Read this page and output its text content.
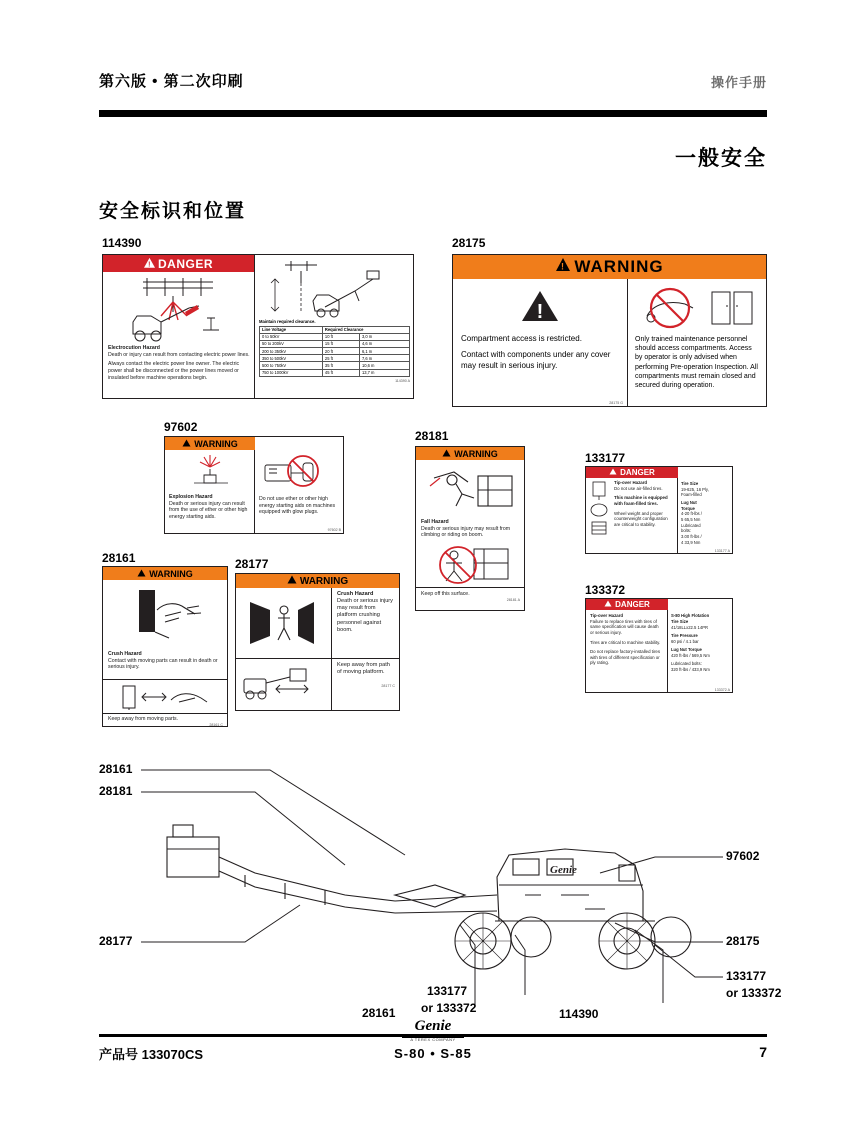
第六版 • 第二次印刷	操作手册
一般安全
安全标识和位置
114390
! DANGER
Electrocution Hazard
Death or injury can result from contacting electric power lines.
Always contact the electric power line owner. The electric power shall be disconnected or the power lines moved or insulated before machine operations begin.
Maintain required clearance.
Line Voltage	Required Clearance	
0 to 50kV	10 ft	3,0 m
50 to 200kV	15 ft	4,6 m
200 to 350kV	20 ft	6,1 m
350 to 500kV	25 ft	7,6 m
500 to 750kV	35 ft	10,6 m
750 to 1000kV	45 ft	13,7 m
114390 A
28175
! WARNING
!
Compartment access is restricted.
Contact with components under any cover may result in serious injury.
28175 G
Only trained maintenance personnel should access compartments. Access by operator is only advised when performing Pre-operation Inspection. All compartments must remain closed and secured during operation.
97602
WARNING
Explosion Hazard
Death or serious injury can result from the use of ether or other high energy starting aids.
Do not use ether or other high energy starting aids on machines equipped with glow plugs.
97602 B
28181
WARNING
Fall Hazard
Death or serious injury may result from climbing or riding on boom.
Keep off this surface.
28181 A
133177
DANGER
Tip-over Hazard
Do not use air-filled tires.
This machine is equipped with foam-filled tires.
Wheel weight and proper counterweight configuration are critical to stability.
Tire Size
19-625, 16 Ply,
Foam-filled
Lug Nut
Torque
4-20 ft-lbs /
5 65,5 Nm
Lubricated
bolts:
3.00 ft-lbs /
4 33,9 Nm
133177 A
133372
DANGER
Tip-over Hazard
Failure to replace tires with tires of same specification will cause death or serious injury.
Tires are critical to machine stability.
Do not replace factory-installed tires with tires of different specification or ply rating.
S-80 High Flotation
Tire Size
41/18LLx22.5 14PR
Tire Pressure
60 psi / 4.1 bar
Lug Nut Torque
420 ft-lbs / 569,5 Nm
Lubricated bolts:
320 ft-lbs / 433,9 Nm
133372 A
28161
WARNING
Crush Hazard
Contact with moving parts can result in death or serious injury.
Keep away from moving parts.
28161 C
28177
WARNING
Crush Hazard
Death or serious injury may result from platform crushing personnel against boom.
Keep away from path of moving platform.
28177 C
Genie
28161
28181
28177
97602
28175
133177
or 133372
28161
133177
or 133372	114390
Genie
A TEREX COMPANY
产品号 133070CS	S-80 • S-85	7
